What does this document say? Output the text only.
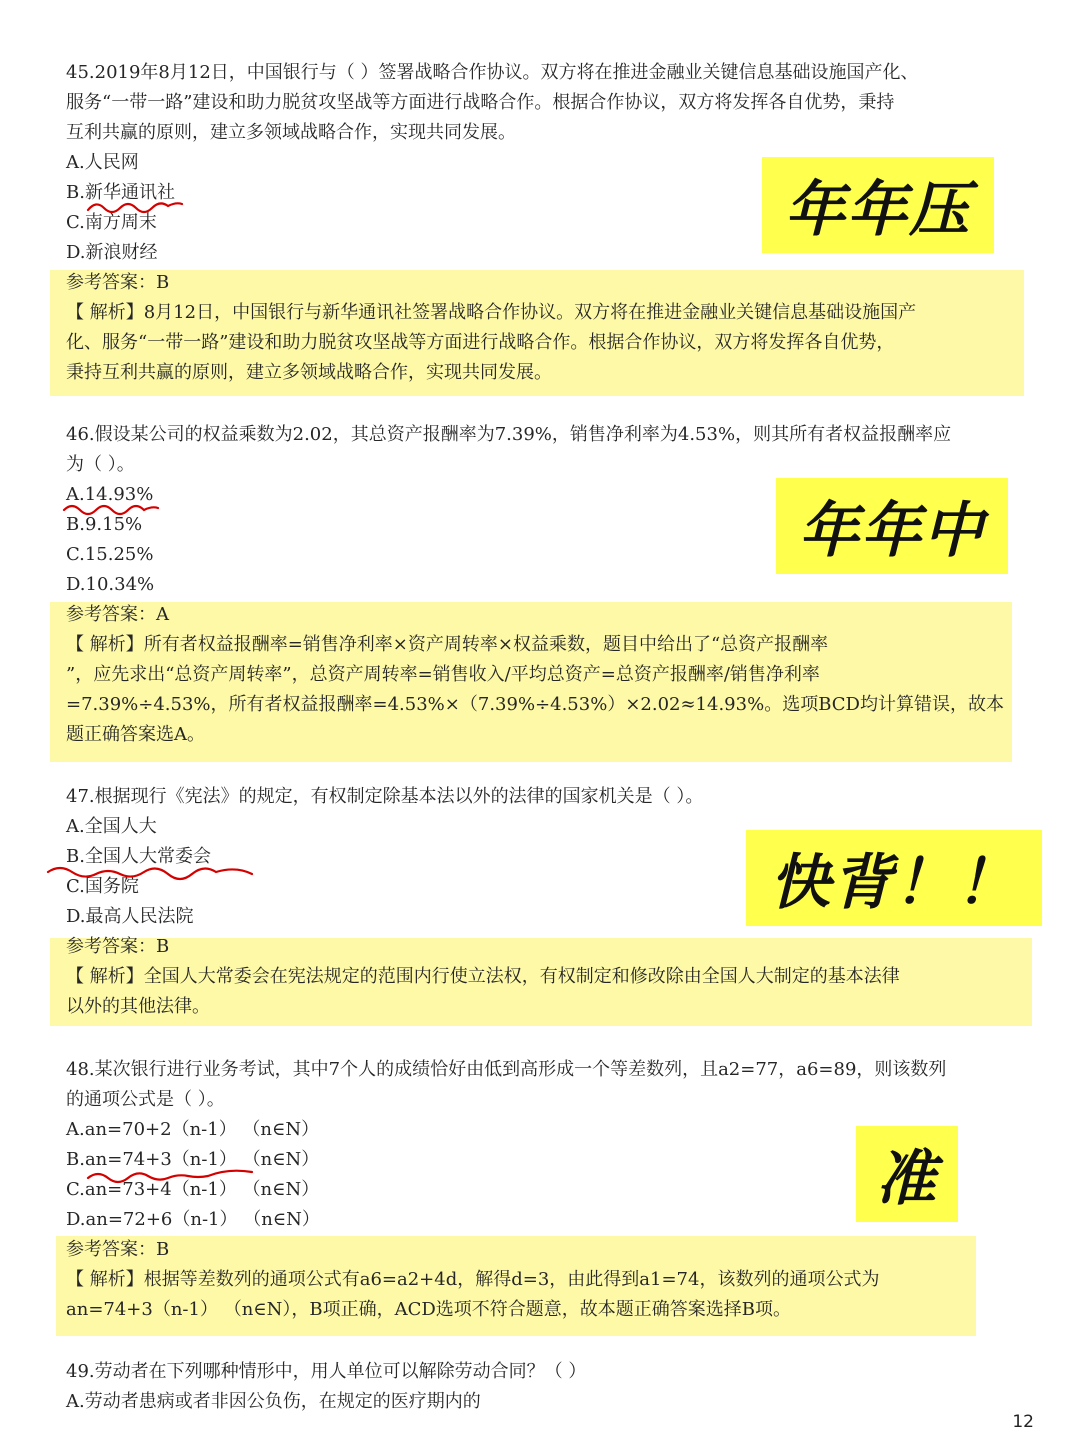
45.2019年8月12日，中国银行与（ ）签署战略合作协议。双方将在推进金融业关键信息基础设施国产化、
服务“一带一路”建设和助力脱贫攻坚战等方面进行战略合作。根据合作协议，双方将发挥各自优势，秉持
互利共赢的原则，建立多领域战略合作，实现共同发展。
A.人民网
B.新华通讯社
C.南方周末
D.新浪财经
参考答案：B
【 解析】8月12日，中国银行与新华通讯社签署战略合作协议。双方将在推进金融业关键信息基础设施国产
化、服务“一带一路”建设和助力脱贫攻坚战等方面进行战略合作。根据合作协议，双方将发挥各自优势，
秉持互利共赢的原则，建立多领域战略合作，实现共同发展。
46.假设某公司的权益乘数为2.02，其总资产报酬率为7.39%，销售净利率为4.53%，则其所有者权益报酬率应
为（ ）。
A.14.93%
B.9.15%
C.15.25%
D.10.34%
参考答案：A
【 解析】所有者权益报酬率=销售净利率×资产周转率×权益乘数，题目中给出了“总资产报酬率
”，应先求出“总资产周转率”，总资产周转率=销售收入/平均总资产=总资产报酬率/销售净利率
=7.39%÷4.53%，所有者权益报酬率=4.53%×（7.39%÷4.53%）×2.02≈14.93%。选项BCD均计算错误，故本
题正确答案选A。
47.根据现行《宪法》的规定，有权制定除基本法以外的法律的国家机关是（ ）。
A.全国人大
B.全国人大常委会
C.国务院
D.最高人民法院
参考答案：B
【 解析】全国人大常委会在宪法规定的范围内行使立法权，有权制定和修改除由全国人大制定的基本法律
以外的其他法律。
48.某次银行进行业务考试，其中7个人的成绩恰好由低到高形成一个等差数列，且a2=77，a6=89，则该数列
的通项公式是（ ）。
A.an=70+2（n-1） （n∈N）
B.an=74+3（n-1） （n∈N）
C.an=73+4（n-1） （n∈N）
D.an=72+6（n-1） （n∈N）
参考答案：B
【 解析】根据等差数列的通项公式有a6=a2+4d，解得d=3，由此得到a1=74，该数列的通项公式为
an=74+3（n-1） （n∈N），B项正确，ACD选项不符合题意，故本题正确答案选择B项。
49.劳动者在下列哪种情形中，用人单位可以解除劳动合同？（ ）
A.劳动者患病或者非因公负伤，在规定的医疗期内的
年年压
年年中
快背！！
准
12
